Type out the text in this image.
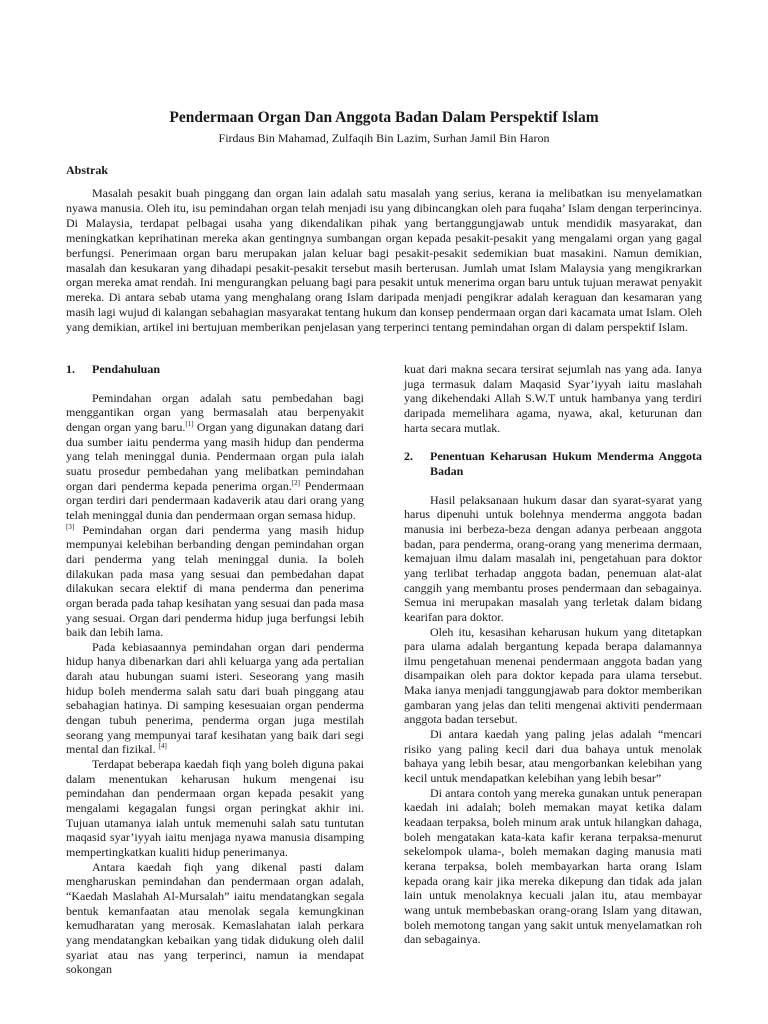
Pendermaan Organ Dan Anggota Badan Dalam Perspektif Islam

Firdaus Bin Mahamad, Zulfaqih Bin Lazim, Surhan Jamil Bin Haron

Abstrak

Masalah pesakit buah pinggang dan organ lain adalah satu masalah yang serius, kerana ia melibatkan isu menyelamatkan nyawa manusia. Oleh itu, isu pemindahan organ telah menjadi isu yang dibincangkan oleh para fuqaha’ Islam dengan terperincinya. Di Malaysia, terdapat pelbagai usaha yang dikendalikan pihak yang bertanggungjawab untuk mendidik masyarakat, dan meningkatkan keprihatinan mereka akan gentingnya sumbangan organ kepada pesakit-pesakit yang mengalami organ yang gagal berfungsi. Penerimaan organ baru merupakan jalan keluar bagi pesakit-pesakit sedemikian buat masakini. Namun demikian, masalah dan kesukaran yang dihadapi pesakit-pesakit tersebut masih berterusan. Jumlah umat Islam Malaysia yang mengikrarkan organ mereka amat rendah. Ini mengurangkan peluang bagi para pesakit untuk menerima organ baru untuk tujuan merawat penyakit mereka. Di antara sebab utama yang menghalang orang Islam daripada menjadi pengikrar adalah keraguan dan kesamaran yang masih lagi wujud di kalangan sebahagian masyarakat tentang hukum dan konsep pendermaan organ dari kacamata umat Islam. Oleh yang demikian, artikel ini bertujuan memberikan penjelasan yang terperinci tentang pemindahan organ di dalam perspektif Islam.

1.	Pendahuluan

Pemindahan organ adalah satu pembedahan bagi menggantikan organ yang bermasalah atau berpenyakit dengan organ yang baru.[1] Organ yang digunakan datang dari dua sumber iaitu penderma yang masih hidup dan penderma yang telah meninggal dunia. Pendermaan organ pula ialah suatu prosedur pembedahan yang melibatkan pemindahan organ dari penderma kepada penerima organ.[2] Pendermaan organ terdiri dari pendermaan kadaverik atau dari orang yang telah meninggal dunia dan pendermaan organ semasa hidup.
[3] Pemindahan organ dari penderma yang masih hidup mempunyai kelebihan berbanding dengan pemindahan organ dari penderma yang telah meninggal dunia. Ia boleh dilakukan pada masa yang sesuai dan pembedahan dapat dilakukan secara elektif di mana penderma dan penerima organ berada pada tahap kesihatan yang sesuai dan pada masa yang sesuai. Organ dari penderma hidup juga berfungsi lebih baik dan lebih lama.

Pada kebiasaannya pemindahan organ dari penderma hidup hanya dibenarkan dari ahli keluarga yang ada pertalian darah atau hubungan suami isteri. Seseorang yang masih hidup boleh menderma salah satu dari buah pinggang atau sebahagian hatinya. Di samping kesesuaian organ penderma dengan tubuh penerima, penderma organ juga mestilah seorang yang mempunyai taraf kesihatan yang baik dari segi mental dan fizikal. [4]

Terdapat beberapa kaedah fiqh yang boleh diguna pakai dalam menentukan keharusan hukum mengenai isu pemindahan dan pendermaan organ kepada pesakit yang mengalami kegagalan fungsi organ peringkat akhir ini. Tujuan utamanya ialah untuk memenuhi salah satu tuntutan maqasid syar’iyyah iaitu menjaga nyawa manusia disamping mempertingkatkan kualiti hidup penerimanya.

Antara kaedah fiqh yang dikenal pasti dalam mengharuskan pemindahan dan pendermaan organ adalah, “Kaedah Maslahah Al-Mursalah” iaitu mendatangkan segala bentuk kemanfaatan atau menolak segala kemungkinan kemudharatan yang merosak. Kemaslahatan ialah perkara yang mendatangkan kebaikan yang tidak didukung oleh dalil syariat atau nas yang terperinci, namun ia mendapat sokongan

kuat dari makna secara tersirat sejumlah nas yang ada. Ianya juga termasuk dalam Maqasid Syar’iyyah iaitu maslahah yang dikehendaki Allah S.W.T untuk hambanya yang terdiri daripada memelihara agama, nyawa, akal, keturunan dan harta secara mutlak.

2.	Penentuan Keharusan Hukum Menderma Anggota Badan

Hasil pelaksanaan hukum dasar dan syarat-syarat yang harus dipenuhi untuk bolehnya menderma anggota badan manusia ini berbeza-beza dengan adanya perbeaan anggota badan, para penderma, orang-orang yang menerima dermaan, kemajuan ilmu dalam masalah ini, pengetahuan para doktor yang terlibat terhadap anggota badan, penemuan alat-alat canggih yang membantu proses pendermaan dan sebagainya. Semua ini merupakan masalah yang terletak dalam bidang kearifan para doktor.

Oleh itu, kesasihan keharusan hukum yang ditetapkan para ulama adalah bergantung kepada berapa dalamannya ilmu pengetahuan menenai pendermaan anggota badan yang disampaikan oleh para doktor kepada para ulama tersebut. Maka ianya menjadi tanggungjawab para doktor memberikan gambaran yang jelas dan teliti mengenai aktiviti pendermaan anggota badan tersebut.

Di antara kaedah yang paling jelas adalah “mencari risiko yang paling kecil dari dua bahaya untuk menolak bahaya yang lebih besar, atau mengorbankan kelebihan yang kecil untuk mendapatkan kelebihan yang lebih besar”

Di antara contoh yang mereka gunakan untuk penerapan kaedah ini adalah; boleh memakan mayat ketika dalam keadaan terpaksa, boleh minum arak untuk hilangkan dahaga, boleh mengatakan kata-kata kafir kerana terpaksa-menurut sekelompok ulama-, boleh memakan daging manusia mati kerana terpaksa, boleh membayarkan harta orang Islam kepada orang kair jika mereka dikepung dan tidak ada jalan lain untuk menolaknya kecuali jalan itu, atau membayar wang untuk membebaskan orang-orang Islam yang ditawan, boleh memotong tangan yang sakit untuk menyelamatkan roh dan sebagainya.
